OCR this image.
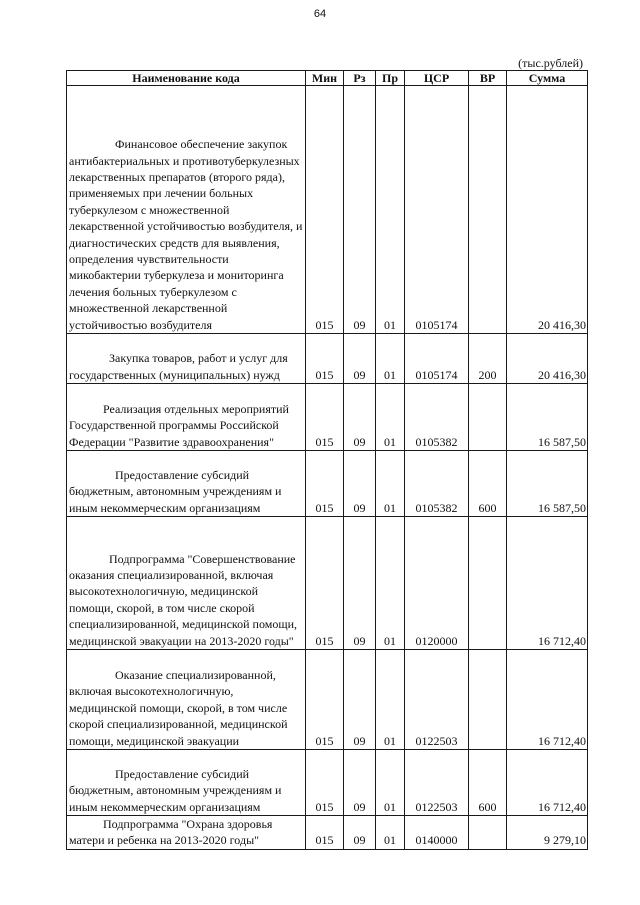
64
(тыс.рублей)
Наименование кода	Мин	Рз	Пр	ЦСР	ВР	Сумма

Финансовое обеспечение закупок антибактериальных и противотуберкулезных лекарственных препаратов (второго ряда), применяемых при лечении больных туберкулезом с множественной лекарственной устойчивостью возбудителя, и диагностических средств для выявления, определения чувствительности микобактерии туберкулеза и мониторинга лечения больных туберкулезом с множественной лекарственной устойчивостью возбудителя	015	09	01	0105174		20 416,30

Закупка товаров, работ и услуг для государственных (муниципальных) нужд	015	09	01	0105174	200	20 416,30

Реализация отдельных мероприятий Государственной программы Российской Федерации "Развитие здравоохранения"	015	09	01	0105382		16 587,50

Предоставление субсидий бюджетным, автономным учреждениям и иным некоммерческим организациям	015	09	01	0105382	600	16 587,50

Подпрограмма "Совершенствование оказания специализированной, включая высокотехнологичную, медицинской помощи, скорой, в том числе скорой специализированной, медицинской помощи, медицинской эвакуации на 2013-2020 годы"	015	09	01	0120000		16 712,40

Оказание специализированной, включая высокотехнологичную, медицинской помощи, скорой, в том числе скорой специализированной, медицинской помощи, медицинской эвакуации	015	09	01	0122503		16 712,40

Предоставление субсидий бюджетным, автономным учреждениям и иным некоммерческим организациям	015	09	01	0122503	600	16 712,40

Подпрограмма "Охрана здоровья матери и ребенка на 2013-2020 годы"	015	09	01	0140000		9 279,10
